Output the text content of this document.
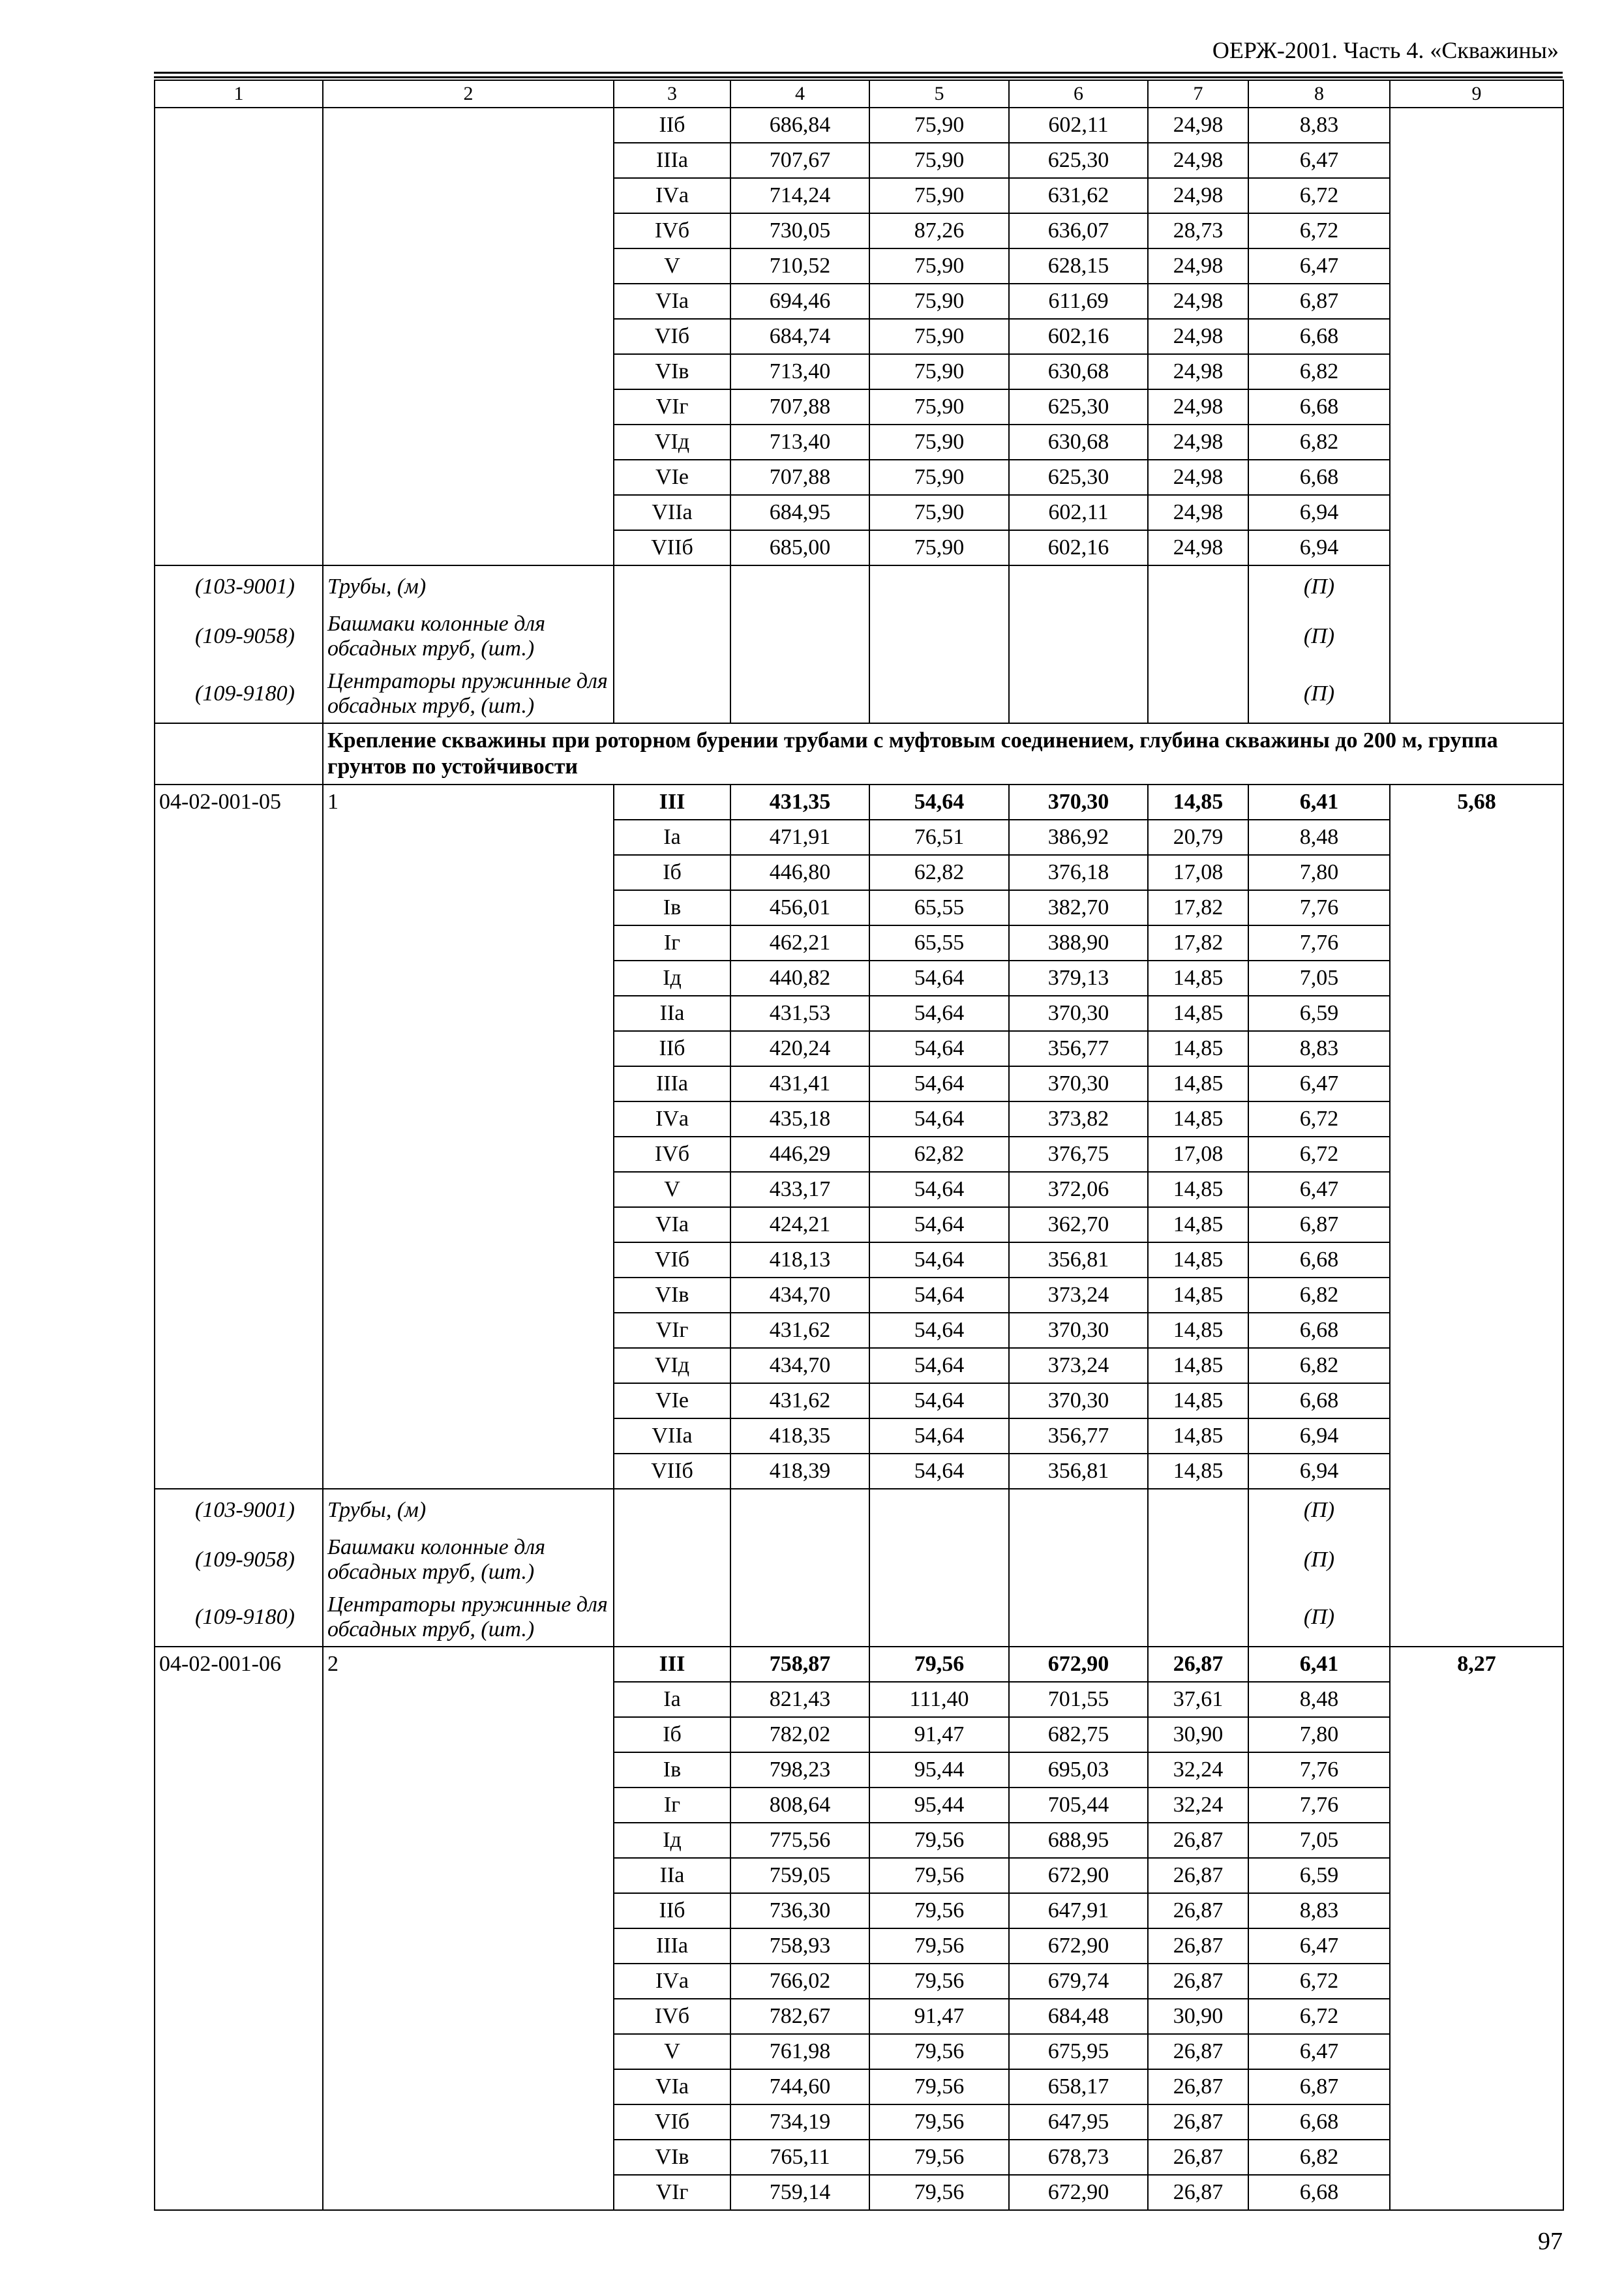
ОЕРЖ-2001. Часть 4. «Скважины»
1	2	3	4	5	6	7	8	9
		IIб	686,84	75,90	602,11	24,98	8,83	
		IIIа	707,67	75,90	625,30	24,98	6,47	
		IVа	714,24	75,90	631,62	24,98	6,72	
		IVб	730,05	87,26	636,07	28,73	6,72	
		V	710,52	75,90	628,15	24,98	6,47	
		VIа	694,46	75,90	611,69	24,98	6,87	
		VIб	684,74	75,90	602,16	24,98	6,68	
		VIв	713,40	75,90	630,68	24,98	6,82	
		VIг	707,88	75,90	625,30	24,98	6,68	
		VIд	713,40	75,90	630,68	24,98	6,82	
		VIе	707,88	75,90	625,30	24,98	6,68	
		VIIа	684,95	75,90	602,11	24,98	6,94	
		VIIб	685,00	75,90	602,16	24,98	6,94	
(103-9001)	Трубы, (м)						(П)	
(109-9058)	Башмаки колонные для обсадных труб, (шт.)						(П)	
(109-9180)	Центраторы пружинные для обсадных труб, (шт.)						(П)	
	Крепление скважины при роторном бурении трубами с муфтовым соединением, глубина скважины до 200 м, группа грунтов по устойчивости							
04-02-001-05	1	III	431,35	54,64	370,30	14,85	6,41	5,68
		Iа	471,91	76,51	386,92	20,79	8,48	
		Iб	446,80	62,82	376,18	17,08	7,80	
		Iв	456,01	65,55	382,70	17,82	7,76	
		Iг	462,21	65,55	388,90	17,82	7,76	
		Iд	440,82	54,64	379,13	14,85	7,05	
		IIа	431,53	54,64	370,30	14,85	6,59	
		IIб	420,24	54,64	356,77	14,85	8,83	
		IIIа	431,41	54,64	370,30	14,85	6,47	
		IVа	435,18	54,64	373,82	14,85	6,72	
		IVб	446,29	62,82	376,75	17,08	6,72	
		V	433,17	54,64	372,06	14,85	6,47	
		VIа	424,21	54,64	362,70	14,85	6,87	
		VIб	418,13	54,64	356,81	14,85	6,68	
		VIв	434,70	54,64	373,24	14,85	6,82	
		VIг	431,62	54,64	370,30	14,85	6,68	
		VIд	434,70	54,64	373,24	14,85	6,82	
		VIе	431,62	54,64	370,30	14,85	6,68	
		VIIа	418,35	54,64	356,77	14,85	6,94	
		VIIб	418,39	54,64	356,81	14,85	6,94	
(103-9001)	Трубы, (м)						(П)	
(109-9058)	Башмаки колонные для обсадных труб, (шт.)						(П)	
(109-9180)	Центраторы пружинные для обсадных труб, (шт.)						(П)	
04-02-001-06	2	III	758,87	79,56	672,90	26,87	6,41	8,27
		Iа	821,43	111,40	701,55	37,61	8,48	
		Iб	782,02	91,47	682,75	30,90	7,80	
		Iв	798,23	95,44	695,03	32,24	7,76	
		Iг	808,64	95,44	705,44	32,24	7,76	
		Iд	775,56	79,56	688,95	26,87	7,05	
		IIа	759,05	79,56	672,90	26,87	6,59	
		IIб	736,30	79,56	647,91	26,87	8,83	
		IIIа	758,93	79,56	672,90	26,87	6,47	
		IVа	766,02	79,56	679,74	26,87	6,72	
		IVб	782,67	91,47	684,48	30,90	6,72	
		V	761,98	79,56	675,95	26,87	6,47	
		VIа	744,60	79,56	658,17	26,87	6,87	
		VIб	734,19	79,56	647,95	26,87	6,68	
		VIв	765,11	79,56	678,73	26,87	6,82	
		VIг	759,14	79,56	672,90	26,87	6,68	
97
